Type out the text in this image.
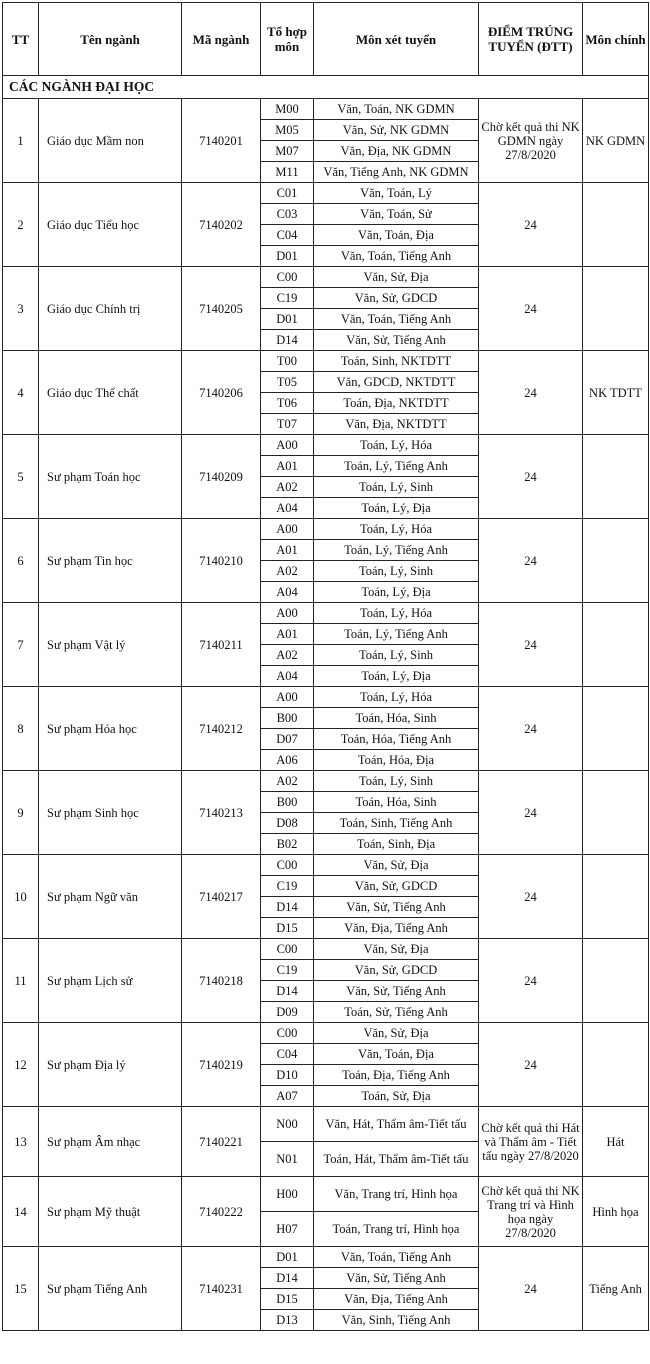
TT	Tên ngành	Mã ngành	Tổ hợp môn	Môn xét tuyển	ĐIỂM TRÚNG TUYỂN (ĐTT)	Môn chính
CÁC NGÀNH ĐẠI HỌC						
1	Giáo dục Mầm non	7140201	M00	Văn, Toán, NK GDMN	Chờ kết quả thi NK GDMN ngày 27/8/2020	NK GDMN
			M05	Văn, Sử, NK GDMN		
			M07	Văn, Địa, NK GDMN		
			M11	Văn, Tiếng Anh, NK GDMN		
2	Giáo dục Tiểu học	7140202	C01	Văn, Toán, Lý	24	
			C03	Văn, Toán, Sử		
			C04	Văn, Toán, Địa		
			D01	Văn, Toán, Tiếng Anh		
3	Giáo dục Chính trị	7140205	C00	Văn, Sử, Địa	24	
			C19	Văn, Sử, GDCD		
			D01	Văn, Toán, Tiếng Anh		
			D14	Văn, Sử, Tiếng Anh		
4	Giáo dục Thể chất	7140206	T00	Toán, Sinh, NKTDTT	24	NK TDTT
			T05	Văn, GDCD, NKTDTT		
			T06	Toán, Địa, NKTDTT		
			T07	Văn, Địa, NKTDTT		
5	Sư phạm Toán học	7140209	A00	Toán, Lý, Hóa	24	
			A01	Toán, Lý, Tiếng Anh		
			A02	Toán, Lý, Sinh		
			A04	Toán, Lý, Địa		
6	Sư phạm Tin học	7140210	A00	Toán, Lý, Hóa	24	
			A01	Toán, Lý, Tiếng Anh		
			A02	Toán, Lý, Sinh		
			A04	Toán, Lý, Địa		
7	Sư phạm Vật lý	7140211	A00	Toán, Lý, Hóa	24	
			A01	Toán, Lý, Tiếng Anh		
			A02	Toán, Lý, Sinh		
			A04	Toán, Lý, Địa		
8	Sư phạm Hóa học	7140212	A00	Toán, Lý, Hóa	24	
			B00	Toán, Hóa, Sinh		
			D07	Toán, Hóa, Tiếng Anh		
			A06	Toán, Hóa, Địa		
9	Sư phạm Sinh học	7140213	A02	Toán, Lý, Sinh	24	
			B00	Toán, Hóa, Sinh		
			D08	Toán, Sinh, Tiếng Anh		
			B02	Toán, Sinh, Địa		
10	Sư phạm Ngữ văn	7140217	C00	Văn, Sử, Địa	24	
			C19	Văn, Sử, GDCD		
			D14	Văn, Sử, Tiếng Anh		
			D15	Văn, Địa, Tiếng Anh		
11	Sư phạm Lịch sử	7140218	C00	Văn, Sử, Địa	24	
			C19	Văn, Sử, GDCD		
			D14	Văn, Sử, Tiếng Anh		
			D09	Toán, Sử, Tiếng Anh		
12	Sư phạm Địa lý	7140219	C00	Văn, Sử, Địa	24	
			C04	Văn, Toán, Địa		
			D10	Toán, Địa, Tiếng Anh		
			A07	Toán, Sử, Địa		
13	Sư phạm Âm nhạc	7140221	N00	Văn, Hát, Thẩm âm-Tiết tấu	Chờ kết quả thi Hát và Thẩm âm - Tiết tấu ngày 27/8/2020	Hát
			N01	Toán, Hát, Thẩm âm-Tiết tấu		
14	Sư phạm Mỹ thuật	7140222	H00	Văn, Trang trí, Hình họa	Chờ kết quả thi NK Trang trí và Hình họa ngày 27/8/2020	Hình họa
			H07	Toán, Trang trí, Hình họa		
15	Sư phạm Tiếng Anh	7140231	D01	Văn, Toán, Tiếng Anh	24	Tiếng Anh
			D14	Văn, Sử, Tiếng Anh		
			D15	Văn, Địa, Tiếng Anh		
			D13	Văn, Sinh, Tiếng Anh		
